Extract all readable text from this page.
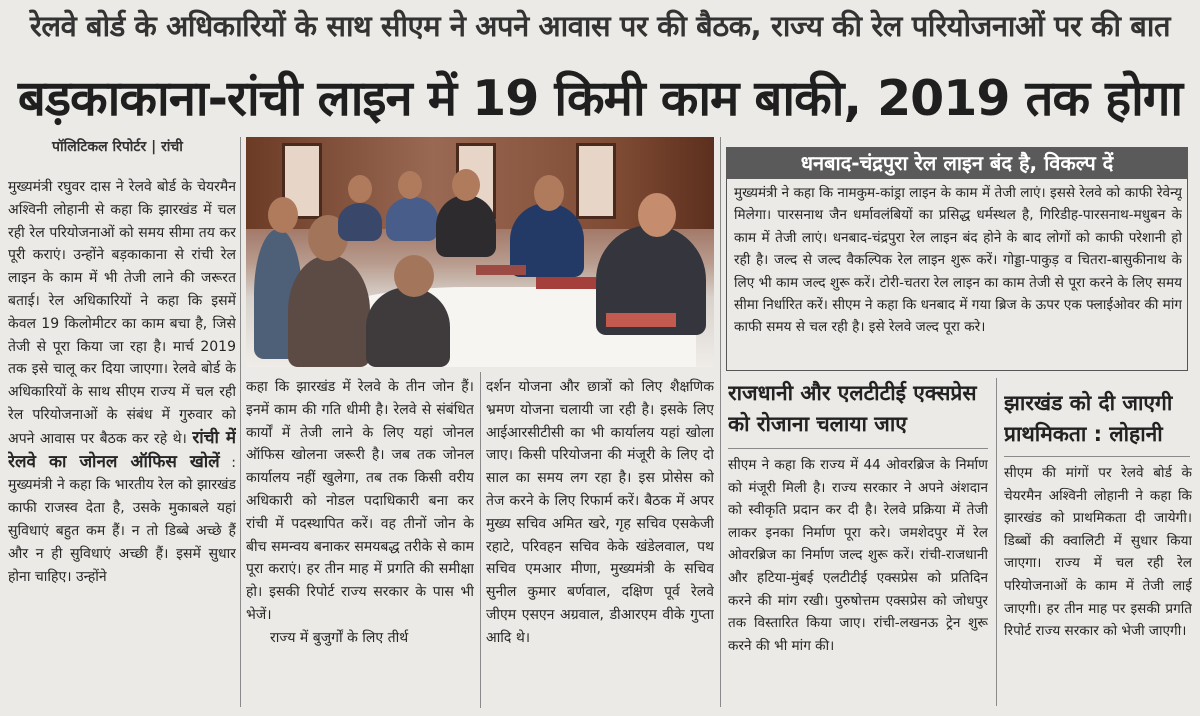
रेलवे बोर्ड के अधिकारियों के साथ सीएम ने अपने आवास पर की बैठक, राज्य की रेल परियोजनाओं पर की बात
बड़काकाना-रांची लाइन में 19 किमी काम बाकी, 2019 तक होगा
पॉलिटिकल रिपोर्टर | रांची
मुख्यमंत्री रघुवर दास ने रेलवे बोर्ड के चेयरमैन अश्विनी लोहानी से कहा कि झारखंड में चल रही रेल परियोजनाओं को समय सीमा तय कर पूरी कराएं। उन्होंने बड़काकाना से रांची रेल लाइन के काम में भी तेजी लाने की जरूरत बताई। रेल अधिकारियों ने कहा कि इसमें केवल 19 किलोमीटर का काम बचा है, जिसे तेजी से पूरा किया जा रहा है। मार्च 2019 तक इसे चालू कर दिया जाएगा। रेलवे बोर्ड के अधिकारियों के साथ सीएम राज्य में चल रही रेल परियोजनाओं के संबंध में गुरुवार को अपने आवास पर बैठक कर रहे थे। रांची में रेलवे का जोनल ऑफिस खोलें : मुख्यमंत्री ने कहा कि भारतीय रेल को झारखंड काफी राजस्व देता है, उसके मुकाबले यहां सुविधाएं बहुत कम हैं। न तो डिब्बे अच्छे हैं और न ही सुविधाएं अच्छी हैं। इसमें सुधार होना चाहिए। उन्होंने
कहा कि झारखंड में रेलवे के तीन जोन हैं। इनमें काम की गति धीमी है। रेलवे से संबंधित कार्यों में तेजी लाने के लिए यहां जोनल ऑफिस खोलना जरूरी है। जब तक जोनल कार्यालय नहीं खुलेगा, तब तक किसी वरीय अधिकारी को नोडल पदाधिकारी बना कर रांची में पदस्थापित करें। वह तीनों जोन के बीच समन्वय बनाकर समयबद्ध तरीके से काम पूरा कराएं। हर तीन माह में प्रगति की समीक्षा हो। इसकी रिपोर्ट राज्य सरकार के पास भी भेजें।
राज्य में बुजुर्गों के लिए तीर्थ
दर्शन योजना और छात्रों को लिए शैक्षणिक भ्रमण योजना चलायी जा रही है। इसके लिए आईआरसीटीसी का भी कार्यालय यहां खोला जाए। किसी परियोजना की मंजूरी के लिए दो साल का समय लग रहा है। इस प्रोसेस को तेज करने के लिए रिफार्म करें। बैठक में अपर मुख्य सचिव अमित खरे, गृह सचिव एसकेजी रहाटे, परिवहन सचिव केके खंडेलवाल, पथ सचिव एमआर मीणा, मुख्यमंत्री के सचिव सुनील कुमार बर्णवाल, दक्षिण पूर्व रेलवे जीएम एसएन अग्रवाल, डीआरएम वीके गुप्ता आदि थे।
धनबाद-चंद्रपुरा रेल लाइन बंद है, विकल्प दें
मुख्यमंत्री ने कहा कि नामकुम-कांड्रा लाइन के काम में तेजी लाएं। इससे रेलवे को काफी रेवेन्यू मिलेगा। पारसनाथ जैन धर्मावलंबियों का प्रसिद्ध धर्मस्थल है, गिरिडीह-पारसनाथ-मधुबन के काम में तेजी लाएं। धनबाद-चंद्रपुरा रेल लाइन बंद होने के बाद लोगों को काफी परेशानी हो रही है। जल्द से जल्द वैकल्पिक रेल लाइन शुरू करें। गोड्डा-पाकुड़ व चितरा-बासुकीनाथ के लिए भी काम जल्द शुरू करें। टोरी-चतरा रेल लाइन का काम तेजी से पूरा करने के लिए समय सीमा निर्धारित करें। सीएम ने कहा कि धनबाद में गया ब्रिज के ऊपर एक फ्लाईओवर की मांग काफी समय से चल रही है। इसे रेलवे जल्द पूरा करे।
राजधानी और एलटीटीई एक्सप्रेस को रोजाना चलाया जाए
सीएम ने कहा कि राज्य में 44 ओवरब्रिज के निर्माण को मंजूरी मिली है। राज्य सरकार ने अपने अंशदान को स्वीकृति प्रदान कर दी है। रेलवे प्रक्रिया में तेजी लाकर इनका निर्माण पूरा करे। जमशेदपुर में रेल ओवरब्रिज का निर्माण जल्द शुरू करें। रांची-राजधानी और हटिया-मुंबई एलटीटीई एक्सप्रेस को प्रतिदिन करने की मांग रखी। पुरुषोत्तम एक्सप्रेस को जोधपुर तक विस्तारित किया जाए। रांची-लखनऊ ट्रेन शुरू करने की भी मांग की।
झारखंड को दी जाएगी प्राथमिकता : लोहानी
सीएम की मांगों पर रेलवे बोर्ड के चेयरमैन अश्विनी लोहानी ने कहा कि झारखंड को प्राथमिकता दी जायेगी। डिब्बों की क्वालिटी में सुधार किया जाएगा। राज्य में चल रही रेल परियोजनाओं के काम में तेजी लाई जाएगी। हर तीन माह पर इसकी प्रगति रिपोर्ट राज्य सरकार को भेजी जाएगी।
